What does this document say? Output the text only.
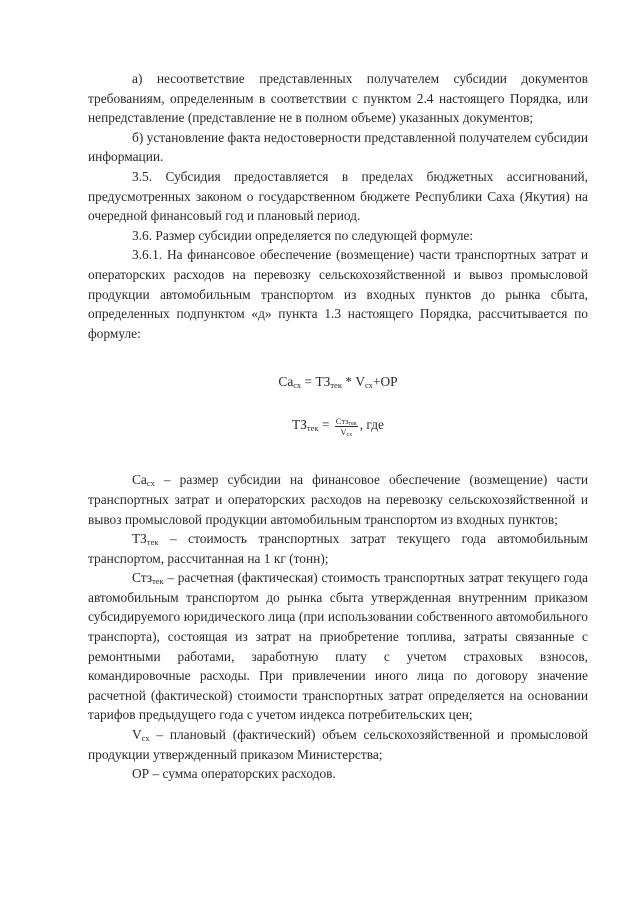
а) несоответствие представленных получателем субсидии документов требованиям, определенным в соответствии с пунктом 2.4 настоящего Порядка, или непредставление (представление не в полном объеме) указанных документов;

б) установление факта недостоверности представленной получателем субсидии информации.

3.5. Субсидия предоставляется в пределах бюджетных ассигнований, предусмотренных законом о государственном бюджете Республики Саха (Якутия) на очередной финансовый год и плановый период.

3.6. Размер субсидии определяется по следующей формуле:

3.6.1. На финансовое обеспечение (возмещение) части транспортных затрат и операторских расходов на перевозку сельскохозяйственной и вывоз промысловой продукции автомобильным транспортом из входных пунктов до рынка сбыта, определенных подпунктом «д» пункта 1.3 настоящего Порядка, рассчитывается по формуле:

$Са_{сх} = ТЗ_{тек} * V_{сх}+ОР$
$ТЗ_{тек} = \frac{Стз_{тек}}{V_{сх}}$ , где

$Са_{сх}$ – размер субсидии на финансовое обеспечение (возмещение) части транспортных затрат и операторских расходов на перевозку сельскохозяйственной и вывоз промысловой продукции автомобильным транспортом из входных пунктов;

$ТЗ_{тек}$ – стоимость транспортных затрат текущего года автомобильным транспортом, рассчитанная на 1 кг (тонн);

Стз$_{тек}$ – расчетная (фактическая) стоимость транспортных затрат текущего года автомобильным транспортом до рынка сбыта утвержденная внутренним приказом субсидируемого юридического лица (при использовании собственного автомобильного транспорта), состоящая из затрат на приобретение топлива, затраты связанные с ремонтными работами, заработную плату с учетом страховых взносов, командировочные расходы. При привлечении иного лица по договору значение расчетной (фактической) стоимости транспортных затрат определяется на основании тарифов предыдущего года с учетом индекса потребительских цен;

$V_{сх}$ – плановый (фактический) объем сельскохозяйственной и промысловой продукции утвержденный приказом Министерства;

ОР – сумма операторских расходов.
